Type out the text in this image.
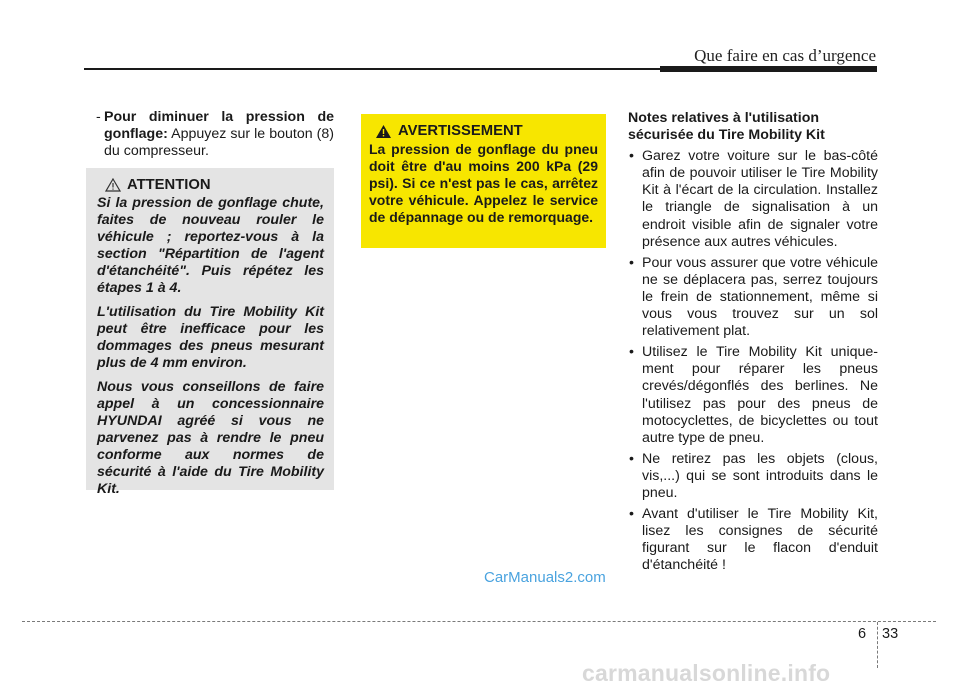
Que faire en cas d’urgence
- Pour diminuer la pression de gonflage: Appuyez sur le bouton (8) du compresseur.

ATTENTION

Si la pression de gonflage chute, faites de nouveau rouler le véhicule ; reportez-vous à la section "Répartition de l'agent d'étanchéité". Puis répétez les étapes 1 à 4.

L'utilisation du Tire Mobility Kit peut être inefficace pour les dommages des pneus mesurant plus de 4 mm environ.

Nous vous conseillons de faire appel à un concessionnaire HYUNDAI agréé si vous ne parvenez pas à rendre le pneu conforme aux normes de sécurité à l'aide du Tire Mobility Kit.

AVERTISSEMENT

La pression de gonflage du pneu doit être d'au moins 200 kPa (29 psi). Si ce n'est pas le cas, arrêtez votre véhicule. Appelez le service de dépannage ou de remorquage.

Notes relatives à l'utilisation sécurisée du Tire Mobility Kit

• Garez votre voiture sur le bas-côté afin de pouvoir utiliser le Tire Mobility Kit à l'écart de la circulation. Installez le triangle de signalisation à un endroit visible afin de signaler votre présence aux autres véhicules.
• Pour vous assurer que votre véhicule ne se déplacera pas, serrez toujours le frein de stationnement, même si vous vous trouvez sur un sol relativement plat.
• Utilisez le Tire Mobility Kit unique-ment pour réparer les pneus crevés/dégonflés des berlines. Ne l'utilisez pas pour des pneus de motocyclettes, de bicyclettes ou tout autre type de pneu.
• Ne retirez pas les objets (clous, vis,...) qui se sont introduits dans le pneu.
• Avant d'utiliser le Tire Mobility Kit, lisez les consignes de sécurité figurant sur le flacon d'enduit d'étanchéité !
CarManuals2.com
6 33
carmanualsonline.info
